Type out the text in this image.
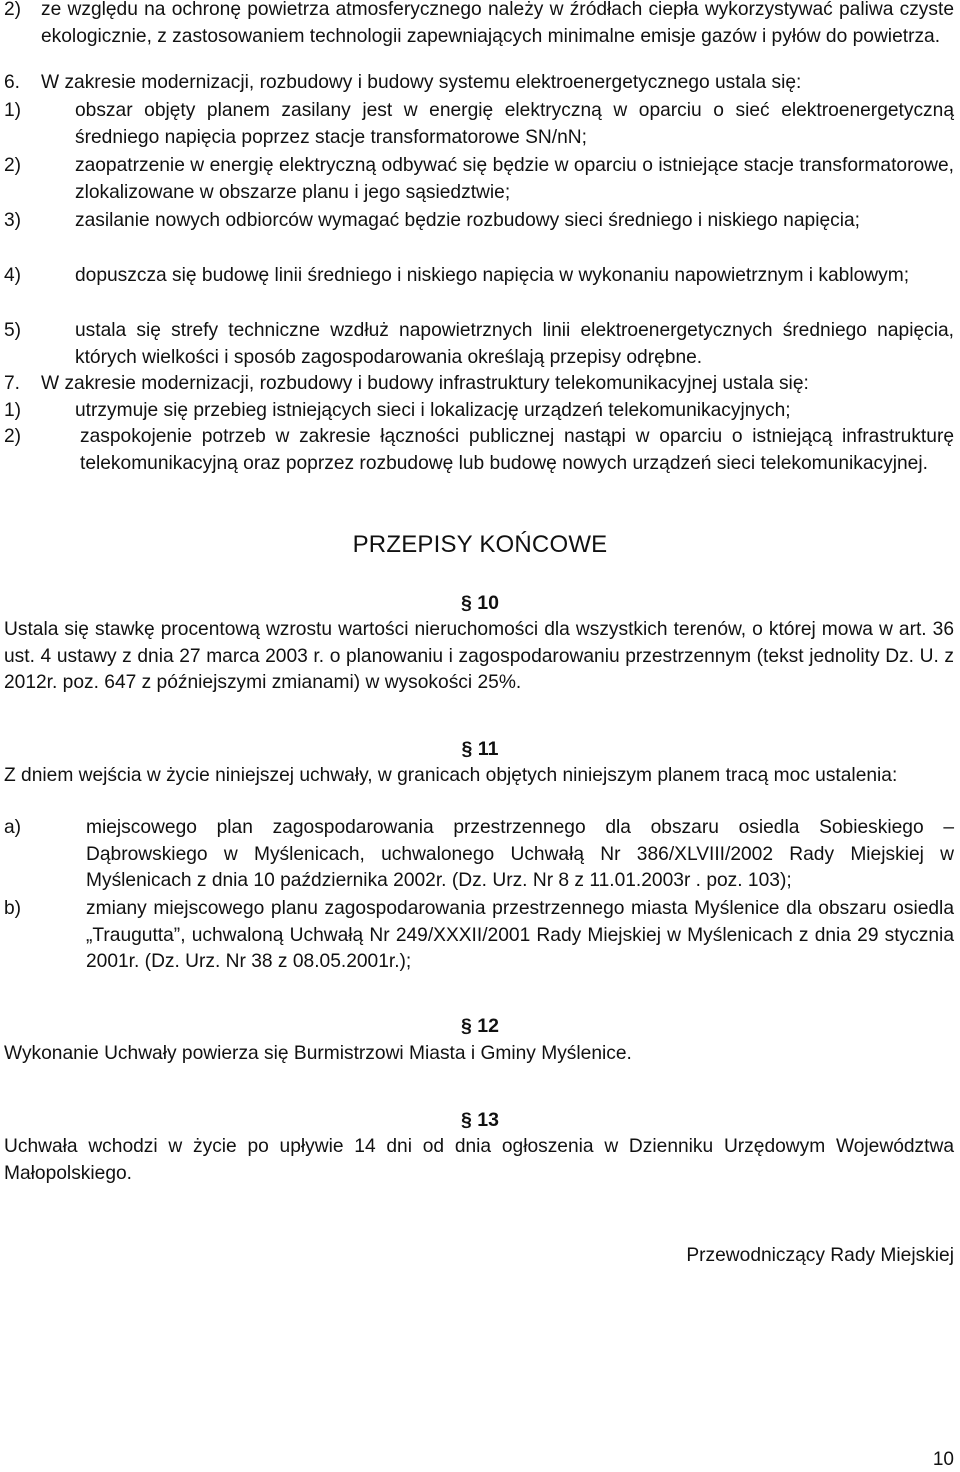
2) ze względu na ochronę powietrza atmosferycznego należy w źródłach ciepła wykorzystywać paliwa czyste ekologicznie, z zastosowaniem technologii zapewniających minimalne emisje gazów i pyłów do powietrza.

6. W zakresie modernizacji, rozbudowy i budowy systemu elektroenergetycznego ustala się:

1)	obszar objęty planem zasilany jest w energię elektryczną w oparciu o sieć elektroenergetyczną średniego napięcia poprzez stacje transformatorowe SN/nN;

2)	zaopatrzenie w energię elektryczną odbywać się będzie w oparciu o istniejące stacje transformatorowe, zlokalizowane w obszarze planu i jego sąsiedztwie;

3)	zasilanie nowych odbiorców wymagać będzie rozbudowy sieci średniego i niskiego napięcia;

4)	dopuszcza się budowę linii średniego i niskiego napięcia w wykonaniu napowietrznym i kablowym;

5)	ustala się strefy techniczne wzdłuż napowietrznych linii elektroenergetycznych średniego napięcia, których wielkości i sposób zagospodarowania określają przepisy odrębne.

7. W zakresie modernizacji, rozbudowy i budowy infrastruktury telekomunikacyjnej ustala się:

1)	utrzymuje się przebieg istniejących sieci i lokalizację urządzeń telekomunikacyjnych;

2)	zaspokojenie potrzeb w zakresie łączności publicznej nastąpi w oparciu o istniejącą infrastrukturę telekomunikacyjną oraz poprzez rozbudowę lub budowę nowych urządzeń sieci telekomunikacyjnej.

PRZEPISY KOŃCOWE
§ 10

Ustala się stawkę procentową wzrostu wartości nieruchomości dla wszystkich terenów, o której mowa w art. 36 ust. 4 ustawy z dnia 27 marca 2003 r. o planowaniu i zagospodarowaniu przestrzennym (tekst jednolity Dz. U. z 2012r. poz. 647 z późniejszymi zmianami) w wysokości 25%.

§ 11

Z dniem wejścia w życie niniejszej uchwały, w granicach objętych niniejszym planem tracą moc ustalenia:

a)	miejscowego plan zagospodarowania przestrzennego dla obszaru osiedla Sobieskiego – Dąbrowskiego w Myślenicach, uchwalonego Uchwałą Nr 386/XLVIII/2002 Rady Miejskiej w Myślenicach z dnia 10 października 2002r. (Dz. Urz. Nr 8 z 11.01.2003r . poz. 103);

b)	zmiany miejscowego planu zagospodarowania przestrzennego miasta Myślenice dla obszaru osiedla „Traugutta”, uchwaloną Uchwałą Nr 249/XXXII/2001 Rady Miejskiej w Myślenicach z dnia 29 stycznia 2001r. (Dz. Urz. Nr 38 z 08.05.2001r.);

§ 12

Wykonanie Uchwały powierza się Burmistrzowi Miasta i Gminy Myślenice.

§ 13

Uchwała wchodzi w życie po upływie 14 dni od dnia ogłoszenia w Dzienniku Urzędowym Województwa Małopolskiego.

Przewodniczący Rady Miejskiej
10
